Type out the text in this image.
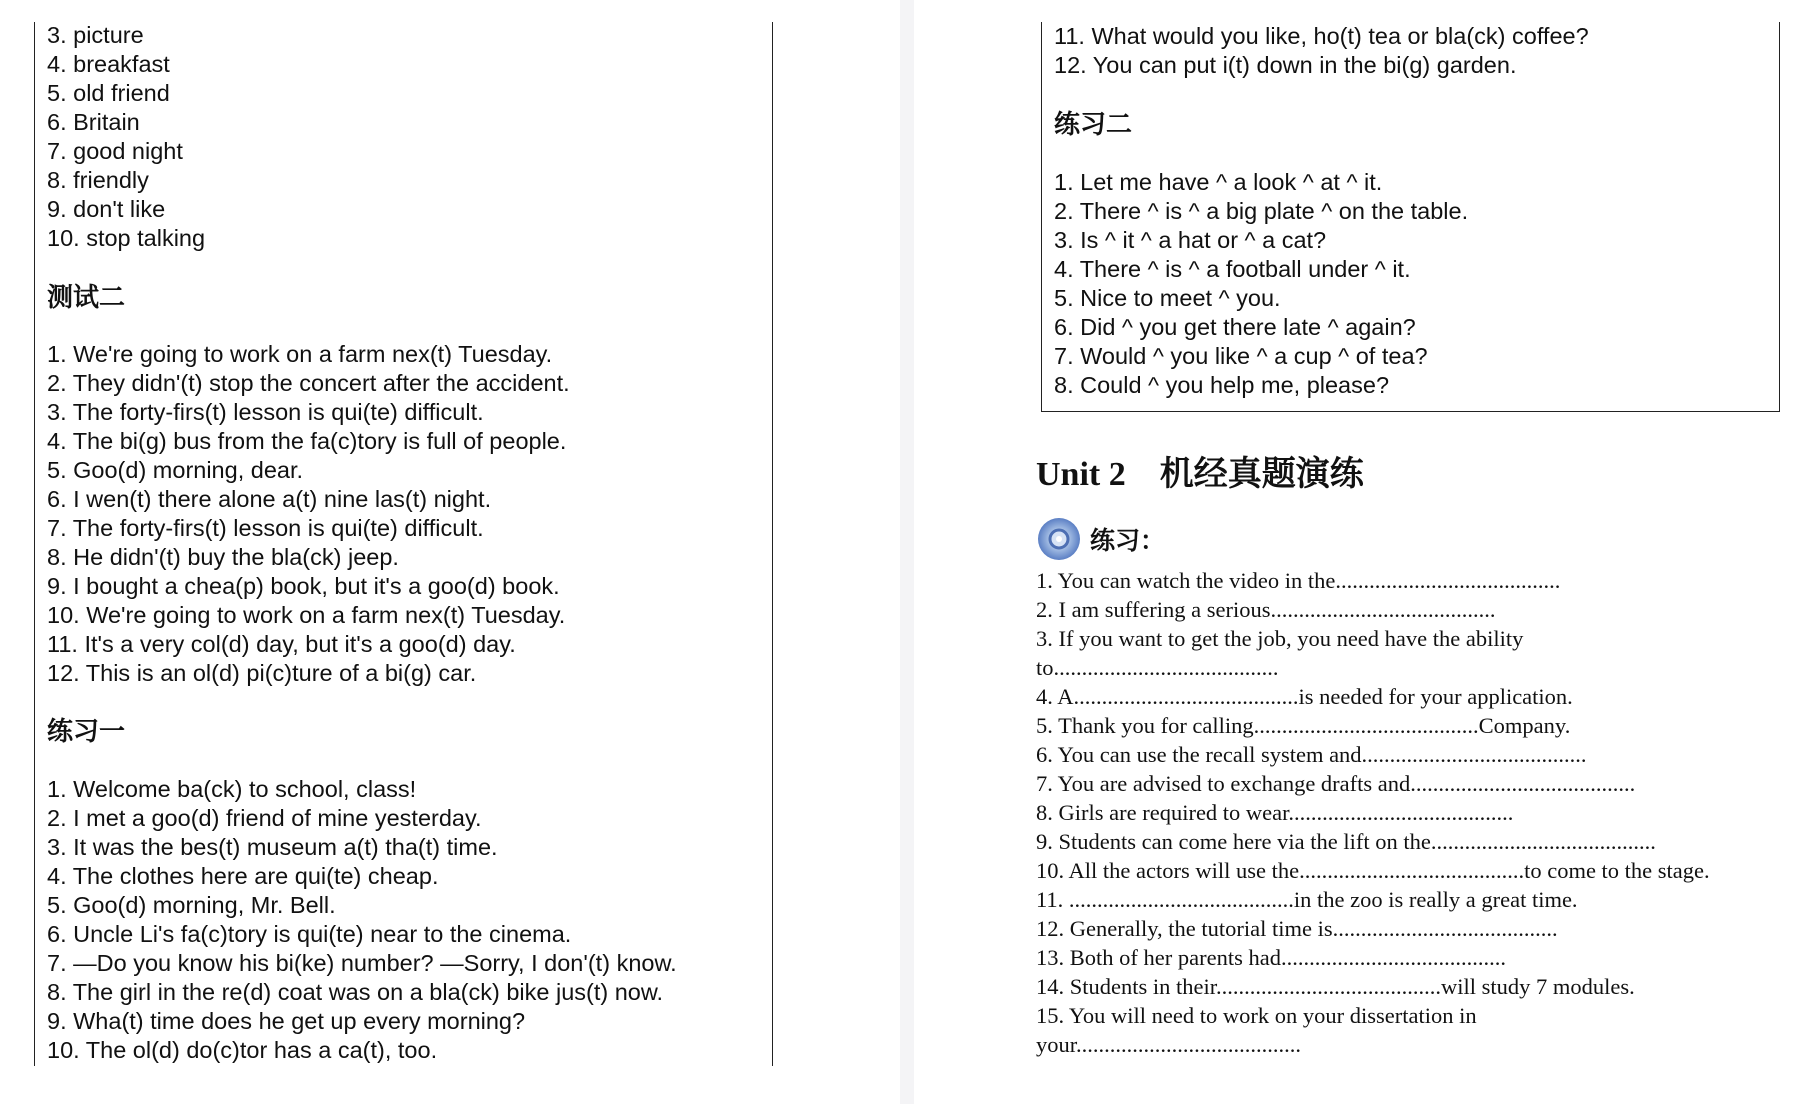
3. picture
4. breakfast
5. old friend
6. Britain
7. good night
8. friendly
9. don't like
10. stop talking
测试二
1. We're going to work on a farm nex(t) Tuesday.
2. They didn'(t) stop the concert after the accident.
3. The forty-firs(t) lesson is qui(te) difficult.
4. The bi(g) bus from the fa(c)tory is full of people.
5. Goo(d) morning, dear.
6. I wen(t) there alone a(t) nine las(t) night.
7. The forty-firs(t) lesson is qui(te) difficult.
8. He didn'(t) buy the bla(ck) jeep.
9. I bought a chea(p) book, but it's a goo(d) book.
10. We're going to work on a farm nex(t) Tuesday.
11. It's a very col(d) day, but it's a goo(d) day.
12. This is an ol(d) pi(c)ture of a bi(g) car.
练习一
1. Welcome ba(ck) to school, class!
2. I met a goo(d) friend of mine yesterday.
3. It was the bes(t) museum a(t) tha(t) time.
4. The clothes here are qui(te) cheap.
5. Goo(d) morning, Mr. Bell.
6. Uncle Li's fa(c)tory is qui(te) near to the cinema.
7. —Do you know his bi(ke) number? —Sorry, I don'(t) know.
8. The girl in the re(d) coat was on a bla(ck) bike jus(t) now.
9. Wha(t) time does he get up every morning?
10. The ol(d) do(c)tor has a ca(t), too.
11. What would you like, ho(t) tea or bla(ck) coffee?
12. You can put i(t) down in the bi(g) garden.
练习二
1. Let me have ^ a look ^ at ^ it.
2. There ^ is ^ a big plate ^ on the table.
3. Is ^ it ^ a hat or ^ a cat?
4. There ^ is ^ a football under ^ it.
5. Nice to meet ^ you.
6. Did ^ you get there late ^ again?
7. Would ^ you like ^ a cup ^ of tea?
8. Could ^ you help me, please?
Unit 2　机经真题演练
练习：
1. You can watch the video in the........................................
2. I am suffering a serious........................................
3. If you want to get the job, you need have the ability
to........................................
4. A........................................is needed for your application.
5. Thank you for calling........................................Company.
6. You can use the recall system and........................................
7. You are advised to exchange drafts and........................................
8. Girls are required to wear........................................
9. Students can come here via the lift on the........................................
10. All the actors will use the........................................to come to the stage.
11. ........................................in the zoo is really a great time.
12. Generally, the tutorial time is........................................
13. Both of her parents had........................................
14. Students in their........................................will study 7 modules.
15. You will need to work on your dissertation in
your........................................
